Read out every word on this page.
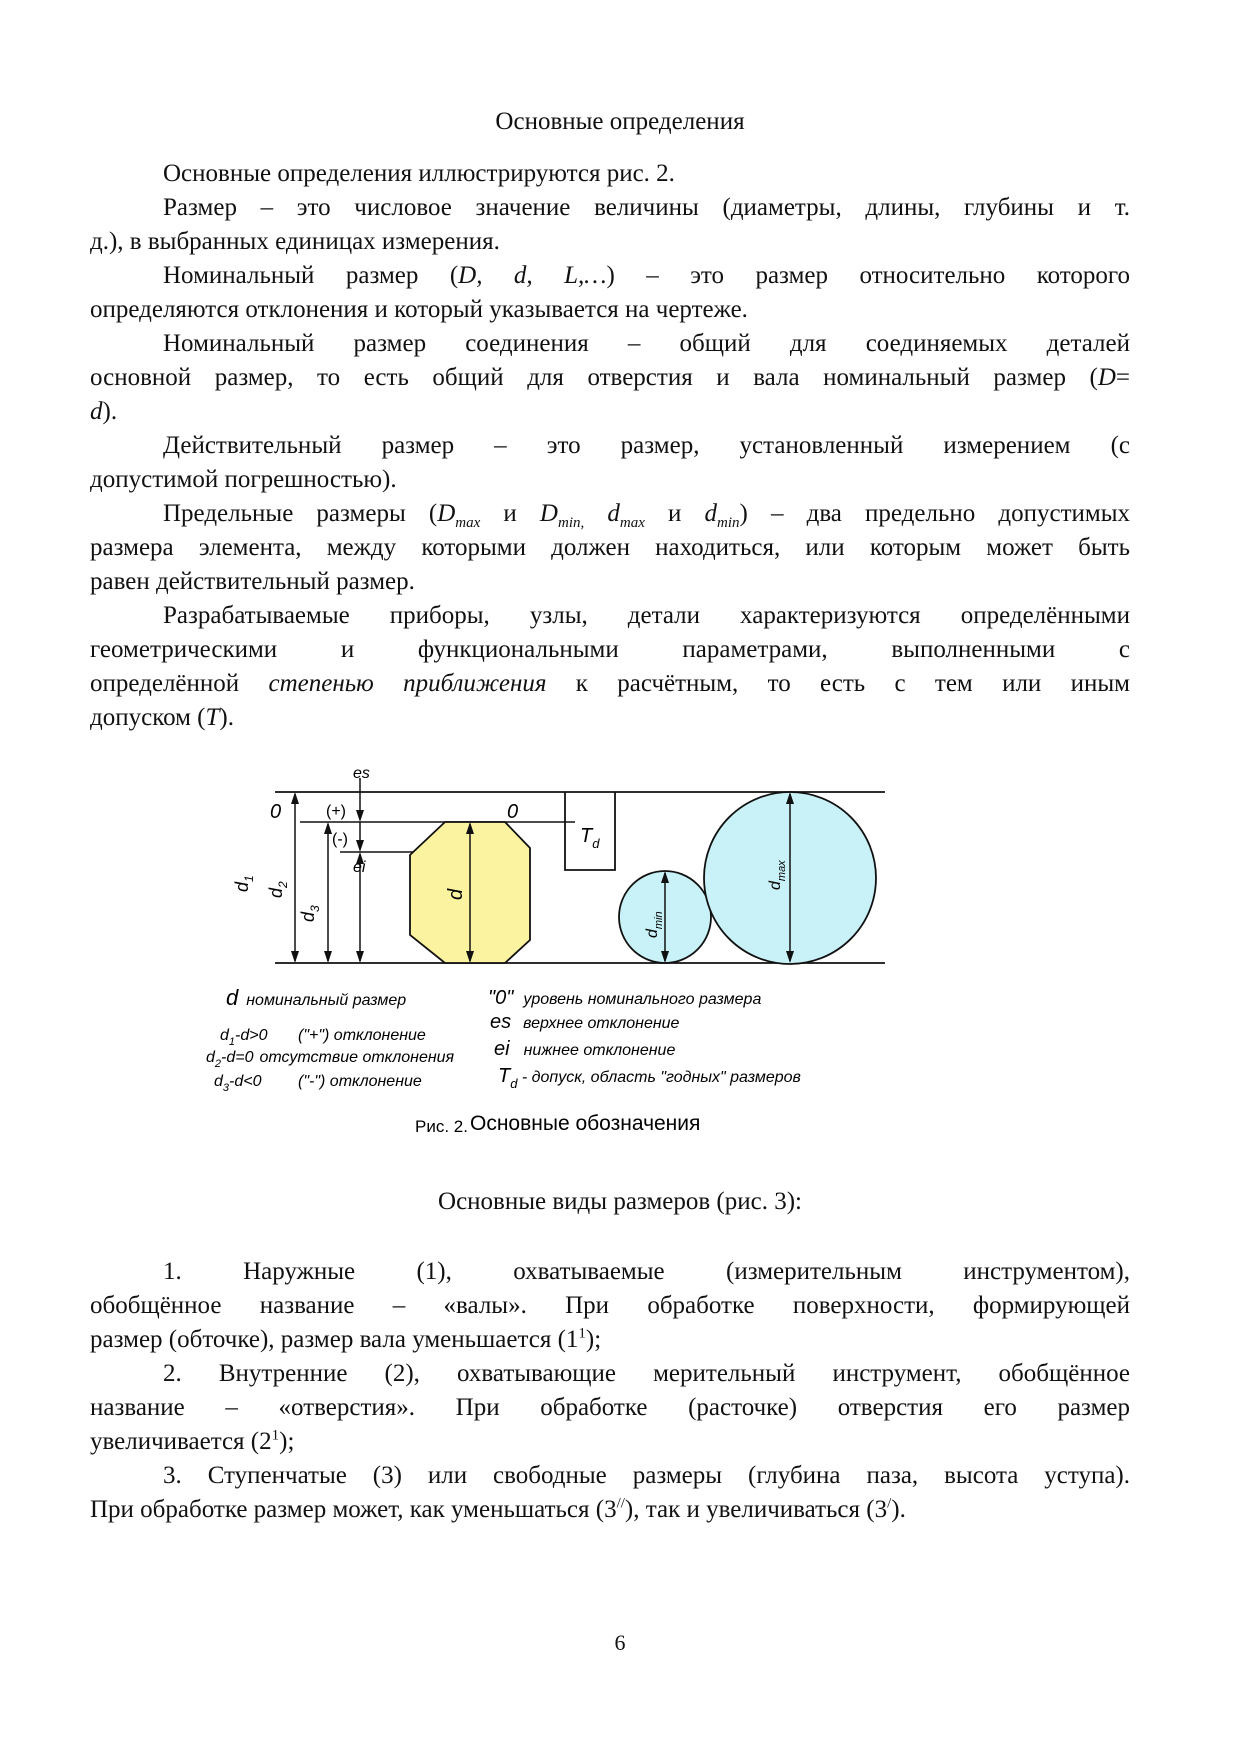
Основные определения
Основные определения иллюстрируются рис. 2.
Размер – это числовое значение величины (диаметры, длины, глубины и т.
д.), в выбранных единицах измерения.
Номинальный размер (D, d, L,…) – это размер относительно которого
определяются отклонения и который указывается на чертеже.
Номинальный размер соединения – общий для соединяемых деталей
основной размер, то есть общий для отверстия и вала номинальный размер (D=
d).
Действительный размер – это размер, установленный измерением (с
допустимой погрешностью).
Предельные размеры ($D_{max}$ и $D_{min,}$ $d_{max}$ и $d_{min}$) – два предельно допустимых
размера элемента, между которыми должен находиться, или которым может быть
равен действительный размер.
Разрабатываемые приборы, узлы, детали характеризуются определёнными
геометрическими и функциональными параметрами, выполненными с
определённой степенью приближения к расчётным, то есть с тем или иным
допуском (T).
es
0	(+)
(-)
0
ei
$d_1$
$d_2$
$d_3$
d
$T_d$
$d_{min}$
$d_{max}$
d номинальный размер
$d_1-d>0$ ("+") отклонение
$d_2-d=0$ отсутствие отклонения
$d_3-d<0$ ("-") отклонение
"0" уровень номинального размера
es верхнее отклонение
ei нижнее отклонение
$T_d$ - допуск, область "годных" размеров
Рис. 2. Основные обозначения
Основные виды размеров (рис. 3):
1. Наружные (1), охватываемые (измерительным инструментом),
обобщённое название – «валы». При обработке поверхности, формирующей
размер (обточке), размер вала уменьшается $(1^1)$;
2. Внутренние (2), охватывающие мерительный инструмент, обобщённое
название – «отверстия». При обработке (расточке) отверстия его размер
увеличивается $(2^1)$;
3. Ступенчатые (3) или свободные размеры (глубина паза, высота уступа).
При обработке размер может, как уменьшаться (3//), так и увеличиваться (3/).
6
